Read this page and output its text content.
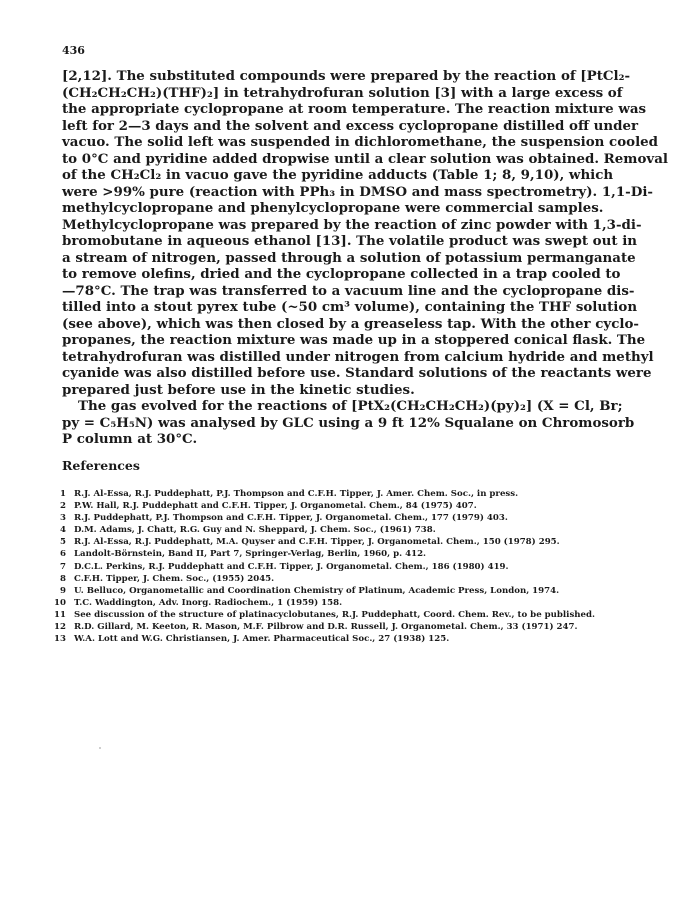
436
[2,12]. The substituted compounds were prepared by the reaction of [PtCl₂-
(CH₂CH₂CH₂)(THF)₂] in tetrahydrofuran solution [3] with a large excess of
the appropriate cyclopropane at room temperature. The reaction mixture was
left for 2—3 days and the solvent and excess cyclopropane distilled off under
vacuo. The solid left was suspended in dichloromethane, the suspension cooled
to 0°C and pyridine added dropwise until a clear solution was obtained. Removal
of the CH₂Cl₂ in vacuo gave the pyridine adducts (Table 1; 8, 9,10), which
were >99% pure (reaction with PPh₃ in DMSO and mass spectrometry). 1,1-Di-
methylcyclopropane and phenylcyclopropane were commercial samples.
Methylcyclopropane was prepared by the reaction of zinc powder with 1,3-di-
bromobutane in aqueous ethanol [13]. The volatile product was swept out in
a stream of nitrogen, passed through a solution of potassium permanganate
to remove olefins, dried and the cyclopropane collected in a trap cooled to
—78°C. The trap was transferred to a vacuum line and the cyclopropane dis-
tilled into a stout pyrex tube (~50 cm³ volume), containing the THF solution
(see above), which was then closed by a greaseless tap. With the other cyclo-
propanes, the reaction mixture was made up in a stoppered conical flask. The
tetrahydrofuran was distilled under nitrogen from calcium hydride and methyl
cyanide was also distilled before use. Standard solutions of the reactants were
prepared just before use in the kinetic studies.
The gas evolved for the reactions of [PtX₂(CH₂CH₂CH₂)(py)₂] (X = Cl, Br;
py = C₅H₅N) was analysed by GLC using a 9 ft 12% Squalane on Chromosorb
P column at 30°C.
References
1 R.J. Al-Essa, R.J. Puddephatt, P.J. Thompson and C.F.H. Tipper, J. Amer. Chem. Soc., in press.
2 P.W. Hall, R.J. Puddephatt and C.F.H. Tipper, J. Organometal. Chem., 84 (1975) 407.
3 R.J. Puddephatt, P.J. Thompson and C.F.H. Tipper, J. Organometal. Chem., 177 (1979) 403.
4 D.M. Adams, J. Chatt, R.G. Guy and N. Sheppard, J. Chem. Soc., (1961) 738.
5 R.J. Al-Essa, R.J. Puddephatt, M.A. Quyser and C.F.H. Tipper, J. Organometal. Chem., 150 (1978) 295.
6 Landolt-Börnstein, Band II, Part 7, Springer-Verlag, Berlin, 1960, p. 412.
7 D.C.L. Perkins, R.J. Puddephatt and C.F.H. Tipper, J. Organometal. Chem., 186 (1980) 419.
8 C.F.H. Tipper, J. Chem. Soc., (1955) 2045.
9 U. Belluco, Organometallic and Coordination Chemistry of Platinum, Academic Press, London, 1974.
10 T.C. Waddington, Adv. Inorg. Radiochem., 1 (1959) 158.
11 See discussion of the structure of platinacyclobutanes, R.J. Puddephatt, Coord. Chem. Rev., to be published.
12 R.D. Gillard, M. Keeton, R. Mason, M.F. Pilbrow and D.R. Russell, J. Organometal. Chem., 33 (1971) 247.
13 W.A. Lott and W.G. Christiansen, J. Amer. Pharmaceutical Soc., 27 (1938) 125.
